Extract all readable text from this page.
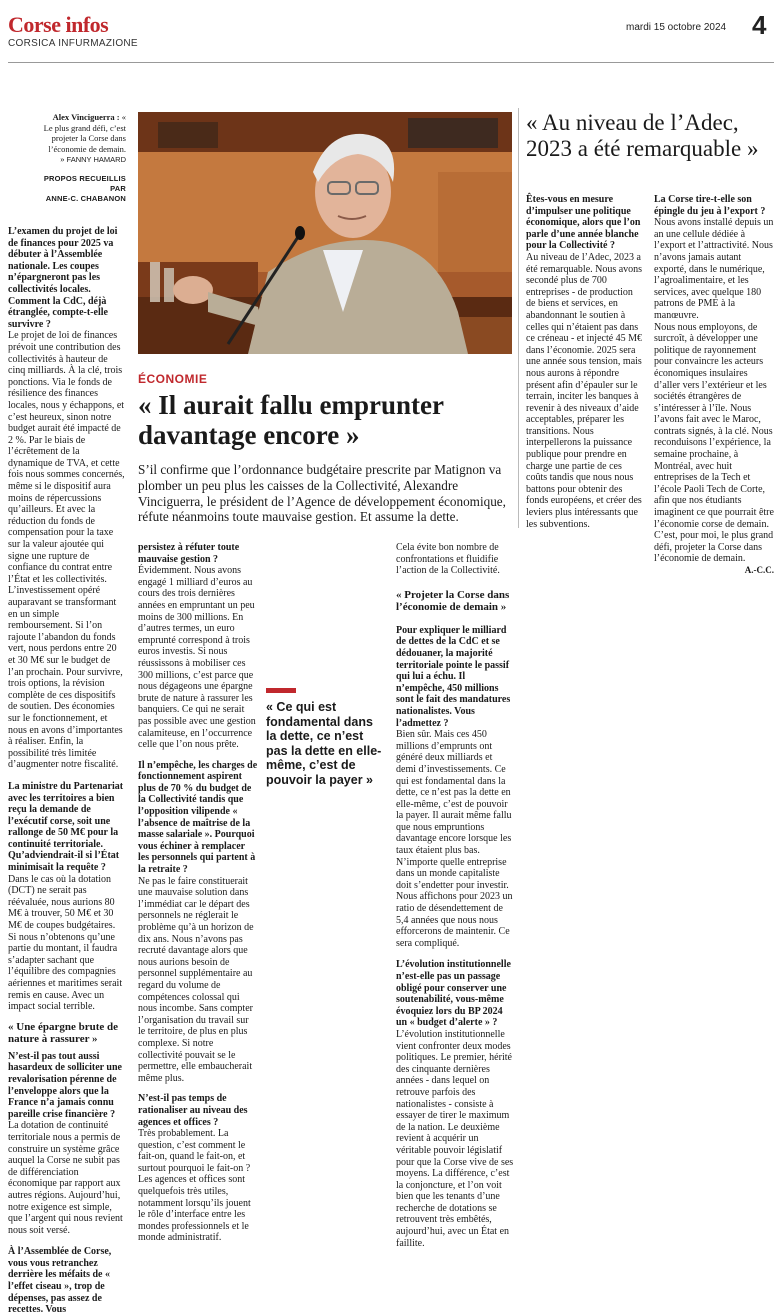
Corse infos
CORSICA INFURMAZIONE
mardi 15 octobre 2024 4
Alex Vinciguerra : « Le plus grand défi, c’est projeter la Corse dans l’économie de demain. » FANNY HAMARD
PROPOS RECUEILLIS PAR
ANNE-C. CHABANON
ÉCONOMIE
« Il aurait fallu emprunter davantage encore »
S’il confirme que l’ordonnance budgétaire prescrite par Matignon va plomber un peu plus les caisses de la Collectivité, Alexandre Vinciguerra, le président de l’Agence de développement économique, réfute néanmoins toute mauvaise gestion. Et assume la dette.

L’examen du projet de loi de finances pour 2025 va débuter à l’Assemblée nationale. Les coupes n’épargneront pas les collectivités locales. Comment la CdC, déjà étranglée, compte-t-elle survivre ?

Le projet de loi de finances prévoit une contribution des collectivités à hauteur de cinq milliards. À la clé, trois ponctions. Via le fonds de résilience des finances locales, nous y échappons, et c’est heureux, sinon notre budget aurait été impacté de 2 %. Par le biais de l’écrêtement de la dynamique de TVA, et cette fois nous sommes concernés, même si le dispositif aura moins de répercussions qu’ailleurs. Et avec la réduction du fonds de compensation pour la taxe sur la valeur ajoutée qui signe une rupture de confiance du contrat entre l’État et les collectivités. L’investissement opéré auparavant se transformant en un simple remboursement. Si l’on rajoute l’abandon du fonds vert, nous perdons entre 20 et 30 M€ sur le budget de l’an prochain. Pour survivre, trois options, la révision complète de ces dispositifs de soutien. Des économies sur le fonctionnement, et nous en avons d’importantes à réaliser. Enfin, la possibilité très limitée d’augmenter notre fiscalité.

La ministre du Partenariat avec les territoires a bien reçu la demande de l’exécutif corse, soit une rallonge de 50 M€ pour la continuité territoriale. Qu’adviendrait-il si l’État minimisait la requête ?

Dans le cas où la dotation (DCT) ne serait pas réévaluée, nous aurions 80 M€ à trouver, 50 M€ et 30 M€ de coupes budgétaires. Si nous n’obtenons qu’une partie du montant, il faudra s’adapter sachant que l’équilibre des compagnies aériennes et maritimes serait remis en cause. Avec un impact social terrible.

« Une épargne brute de nature à rassurer »

N’est-il pas tout aussi hasardeux de solliciter une revalorisation pérenne de l’enveloppe alors que la France n’a jamais connu pareille crise financière ?

La dotation de continuité territoriale nous a permis de construire un système grâce auquel la Corse ne subit pas de différenciation économique par rapport aux autres régions. Aujourd’hui, notre exigence est simple, que l’argent qui nous revient nous soit versé.

À l’Assemblée de Corse, vous vous retranchez derrière les méfaits de « l’effet ciseau », trop de dépenses, pas assez de recettes. Vous

persistez à réfuter toute mauvaise gestion ?

Évidemment. Nous avons engagé 1 milliard d’euros au cours des trois dernières années en empruntant un peu moins de 300 millions. En d’autres termes, un euro emprunté correspond à trois euros investis. Si nous réussissons à mobiliser ces 300 millions, c’est parce que nous dégageons une épargne brute de nature à rassurer les banquiers. Ce qui ne serait pas possible avec une gestion calamiteuse, en l’occurrence celle que l’on nous prête.

Il n’empêche, les charges de fonctionnement aspirent plus de 70 % du budget de la Collectivité tandis que l’opposition vilipende « l’absence de maîtrise de la masse salariale ». Pourquoi vous échiner à remplacer les personnels qui partent à la retraite ?

Ne pas le faire constituerait une mauvaise solution dans l’immédiat car le départ des personnels ne réglerait le problème qu’à un horizon de dix ans. Nous n’avons pas recruté davantage alors que nous aurions besoin de personnel supplémentaire au regard du volume de compétences colossal qui nous incombe. Sans compter l’organisation du travail sur le territoire, de plus en plus complexe. Si notre collectivité pouvait se le permettre, elle embaucherait même plus.

N’est-il pas temps de rationaliser au niveau des agences et offices ?

Très probablement. La question, c’est comment le fait-on, quand le fait-on, et surtout pourquoi le fait-on ? Les agences et offices sont quelquefois très utiles, notamment lorsqu’ils jouent le rôle d’interface entre les mondes professionnels et le monde administratif.

« Ce qui est fondamental dans la dette, ce n’est pas la dette en elle-même, c’est de pouvoir la payer »

Cela évite bon nombre de confrontations et fluidifie l’action de la Collectivité.

« Projeter la Corse dans l’économie de demain »

Pour expliquer le milliard de dettes de la CdC et se dédouaner, la majorité territoriale pointe le passif qui lui a échu. Il n’empêche, 450 millions sont le fait des mandatures nationalistes. Vous l’admettez ?

Bien sûr. Mais ces 450 millions d’emprunts ont généré deux milliards et demi d’investissements. Ce qui est fondamental dans la dette, ce n’est pas la dette en elle-même, c’est de pouvoir la payer. Il aurait même fallu que nous empruntions davantage encore lorsque les taux étaient plus bas. N’importe quelle entreprise dans un monde capitaliste doit s’endetter pour investir. Nous affichons pour 2023 un ratio de désendettement de 5,4 années que nous nous efforcerons de maintenir. Ce sera compliqué.

L’évolution institutionnelle n’est-elle pas un passage obligé pour conserver une soutenabilité, vous-même évoquiez lors du BP 2024 un « budget d’alerte » ?

L’évolution institutionnelle vient confronter deux modes politiques. Le premier, hérité des cinquante dernières années - dans lequel on retrouve parfois des nationalistes - consiste à essayer de tirer le maximum de la nation. Le deuxième revient à acquérir un véritable pouvoir législatif pour que la Corse vive de ses moyens. La différence, c’est la conjoncture, et l’on voit bien que les tenants d’une recherche de dotations se retrouvent très embêtés, aujourd’hui, avec un État en faillite.

« Au niveau de l’Adec, 2023 a été remarquable »

Êtes-vous en mesure d’impulser une politique économique, alors que l’on parle d’une année blanche pour la Collectivité ?

Au niveau de l’Adec, 2023 a été remarquable. Nous avons secondé plus de 700 entreprises - de production de biens et services, en abandonnant le soutien à celles qui n’étaient pas dans ce créneau - et injecté 45 M€ dans l’économie. 2025 sera une année sous tension, mais nous aurons à répondre présent afin d’épauler sur le terrain, inciter les banques à revenir à des niveaux d’aide acceptables, préparer les transitions. Nous interpellerons la puissance publique pour prendre en charge une partie de ces coûts tandis que nous nous battons pour obtenir des fonds européens, et créer des leviers plus intéressants que les subventions.

La Corse tire-t-elle son épingle du jeu à l’export ?

Nous avons installé depuis un an une cellule dédiée à l’export et l’attractivité. Nous n’avons jamais autant exporté, dans le numérique, l’agroalimentaire, et les services, avec quelque 180 patrons de PME à la manœuvre.

Nous nous employons, de surcroît, à développer une politique de rayonnement pour convaincre les acteurs économiques insulaires d’aller vers l’extérieur et les sociétés étrangères de s’intéresser à l’île. Nous l’avons fait avec le Maroc, contrats signés, à la clé. Nous reconduisons l’expérience, la semaine prochaine, à Montréal, avec huit entreprises de la Tech et l’école Paoli Tech de Corte, afin que nos étudiants imaginent ce que pourrait être l’économie corse de demain. C’est, pour moi, le plus grand défi, projeter la Corse dans l’économie de demain.

A.-C.C.
